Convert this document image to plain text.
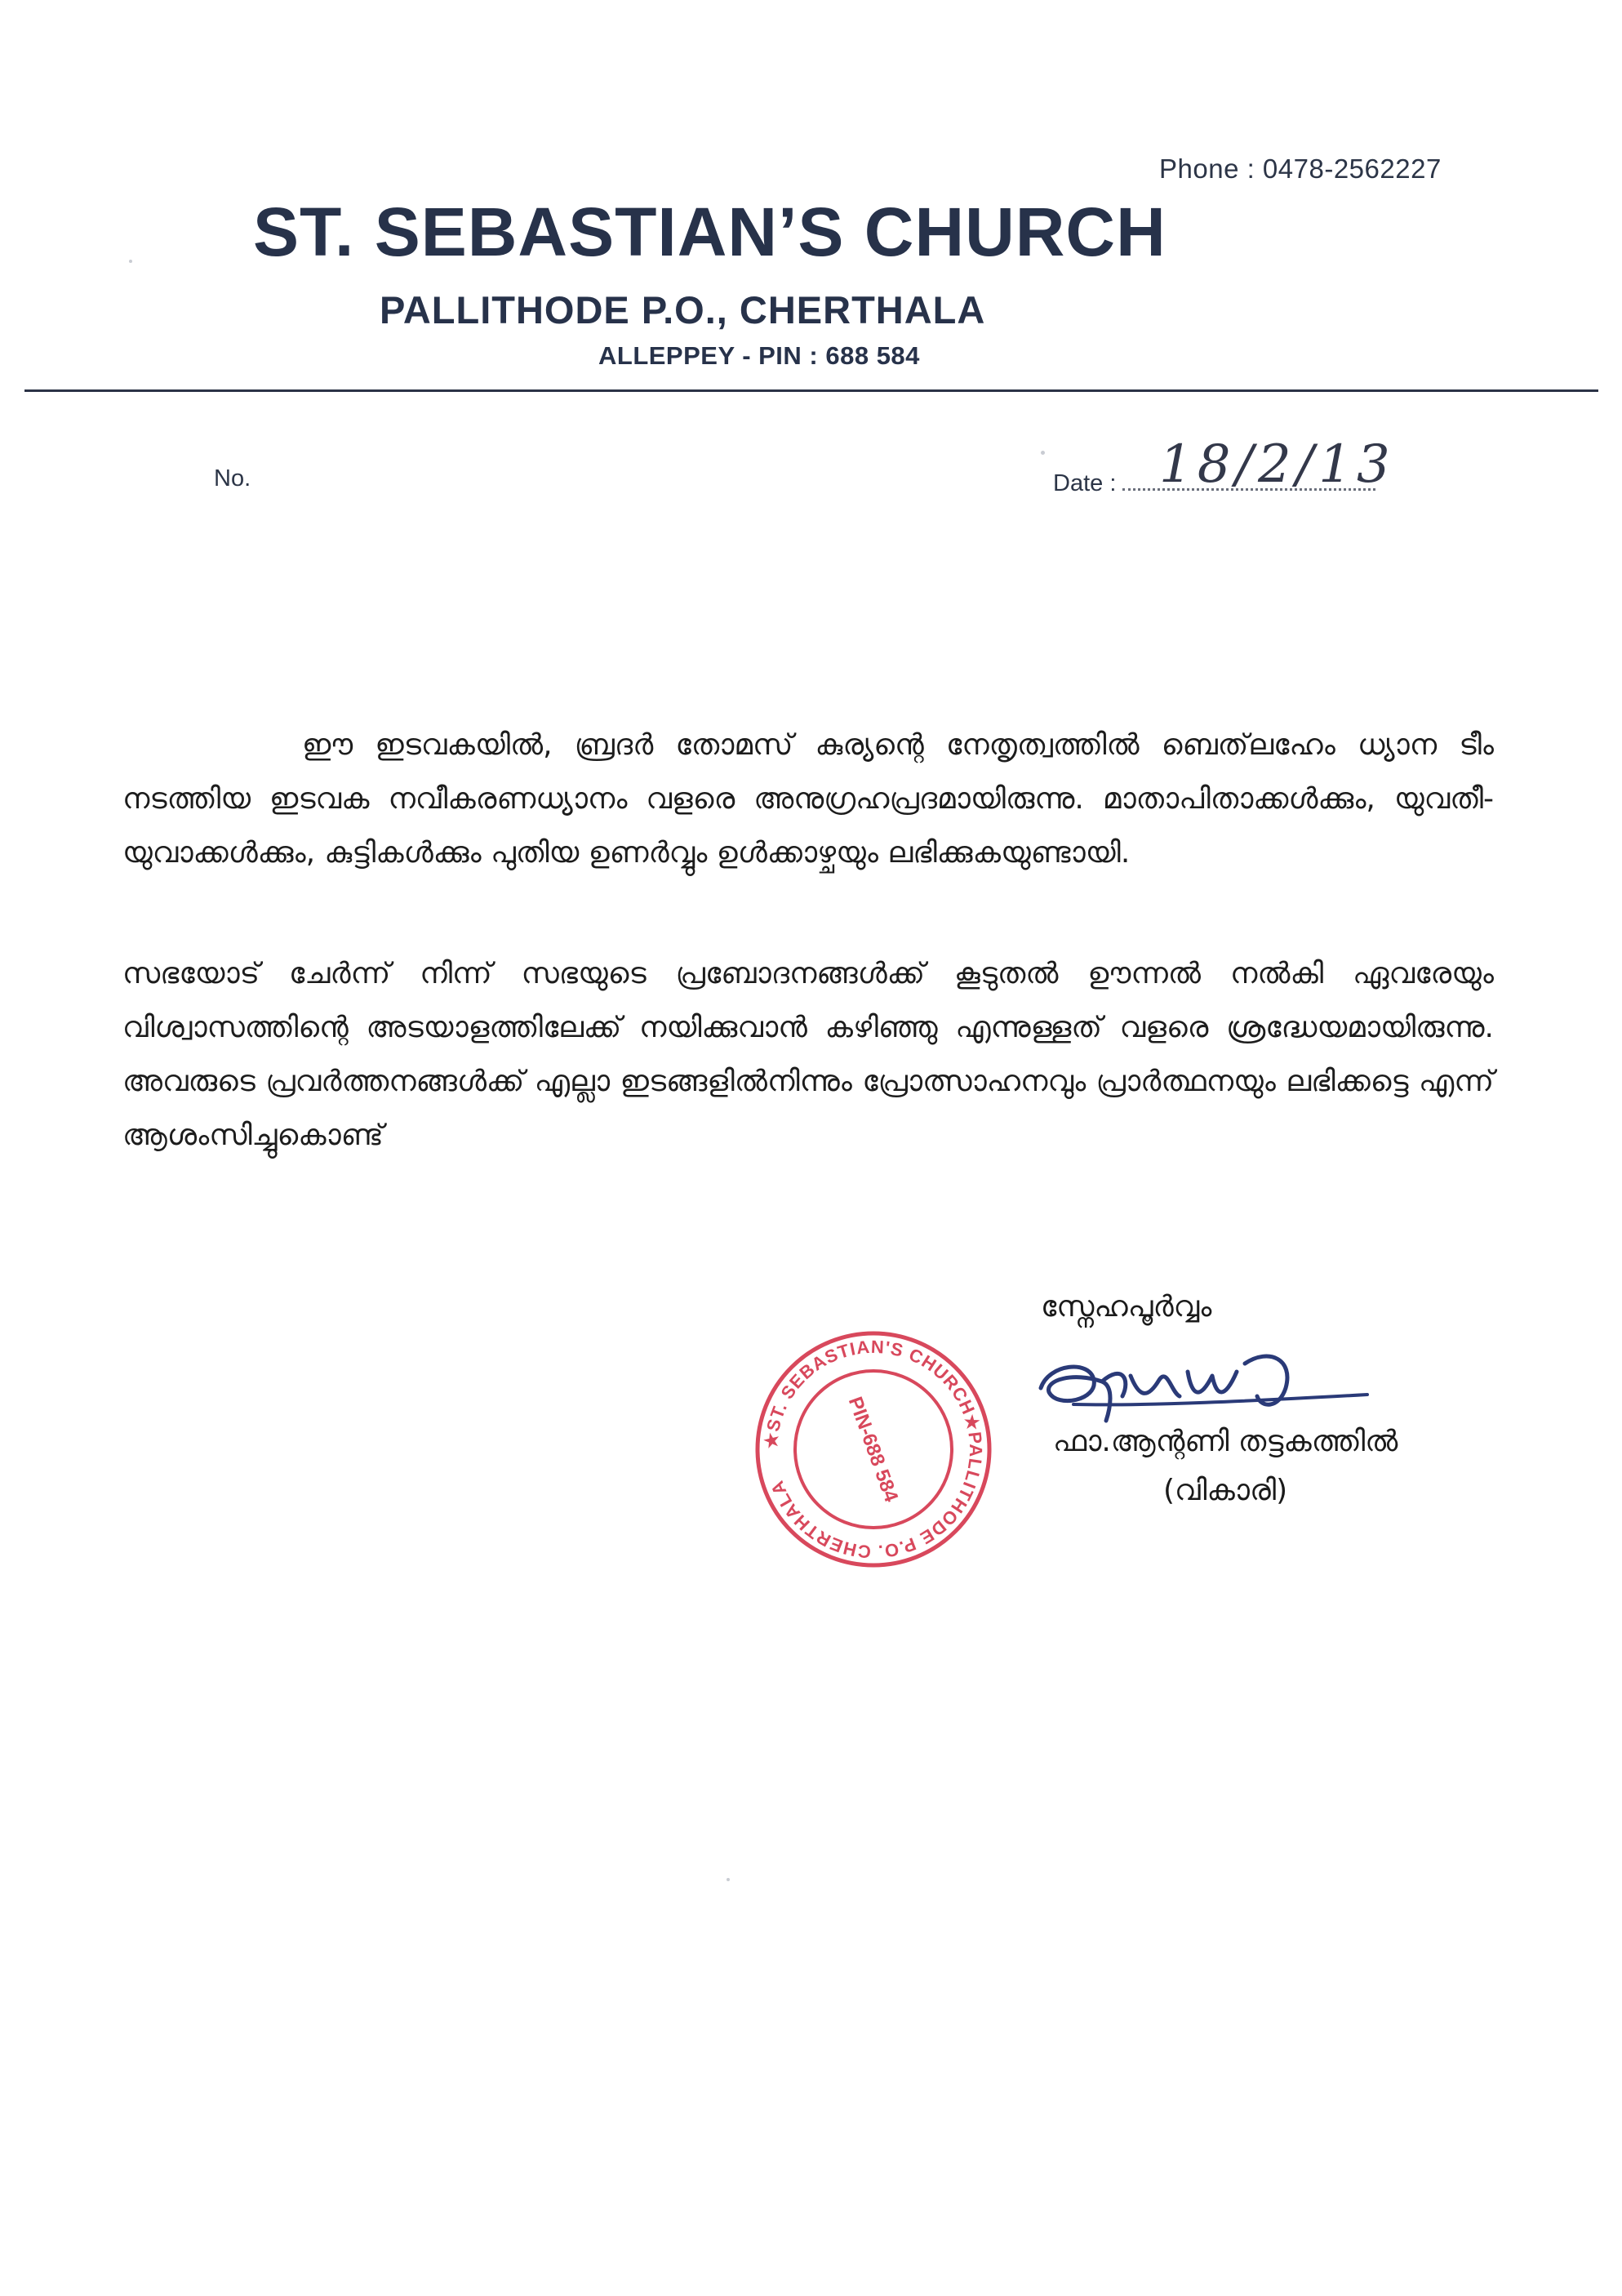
Phone : 0478-2562227
ST. SEBASTIAN’S CHURCH
PALLITHODE P.O., CHERTHALA
ALLEPPEY - PIN : 688 584
No.	Date : 18/2/13
ഈ ഇടവകയിൽ, ബ്രദർ തോമസ് കുര്യന്റെ നേതൃത്വത്തിൽ ബെത്‌ലഹേം ധ്യാന ടീം നടത്തിയ ഇടവക നവീകരണധ്യാനം വളരെ അനുഗ്രഹപ്രദമായിരുന്നു. മാതാപിതാക്കൾക്കും, യുവതീ-യുവാക്കൾക്കും, കുട്ടികൾക്കും പുതിയ ഉണർവ്വും ഉൾക്കാഴ്ചയും ലഭിക്കുകയുണ്ടായി.
സഭയോട് ചേർന്ന് നിന്ന് സഭയുടെ പ്രബോദനങ്ങൾക്ക് കൂടുതൽ ഊന്നൽ നൽകി ഏവരേയും വിശ്വാസത്തിന്റെ അടയാളത്തിലേക്ക് നയിക്കുവാൻ കഴിഞ്ഞു എന്നുള്ളത് വളരെ ശ്രദ്ധേയമായിരുന്നു. അവരുടെ പ്രവർത്തനങ്ങൾക്ക് എല്ലാ ഇടങ്ങളിൽനിന്നും പ്രോത്സാഹനവും പ്രാർത്ഥനയും ലഭിക്കട്ടെ എന്ന് ആശംസിച്ചുകൊണ്ട്
സ്നേഹപൂർവ്വം
ഫാ.ആന്റണി തട്ടകത്തിൽ
(വികാരി)
★ST. SEBASTIAN'S CHURCH★PALLITHODE P.O. CHERTHALA	PIN-688 584
